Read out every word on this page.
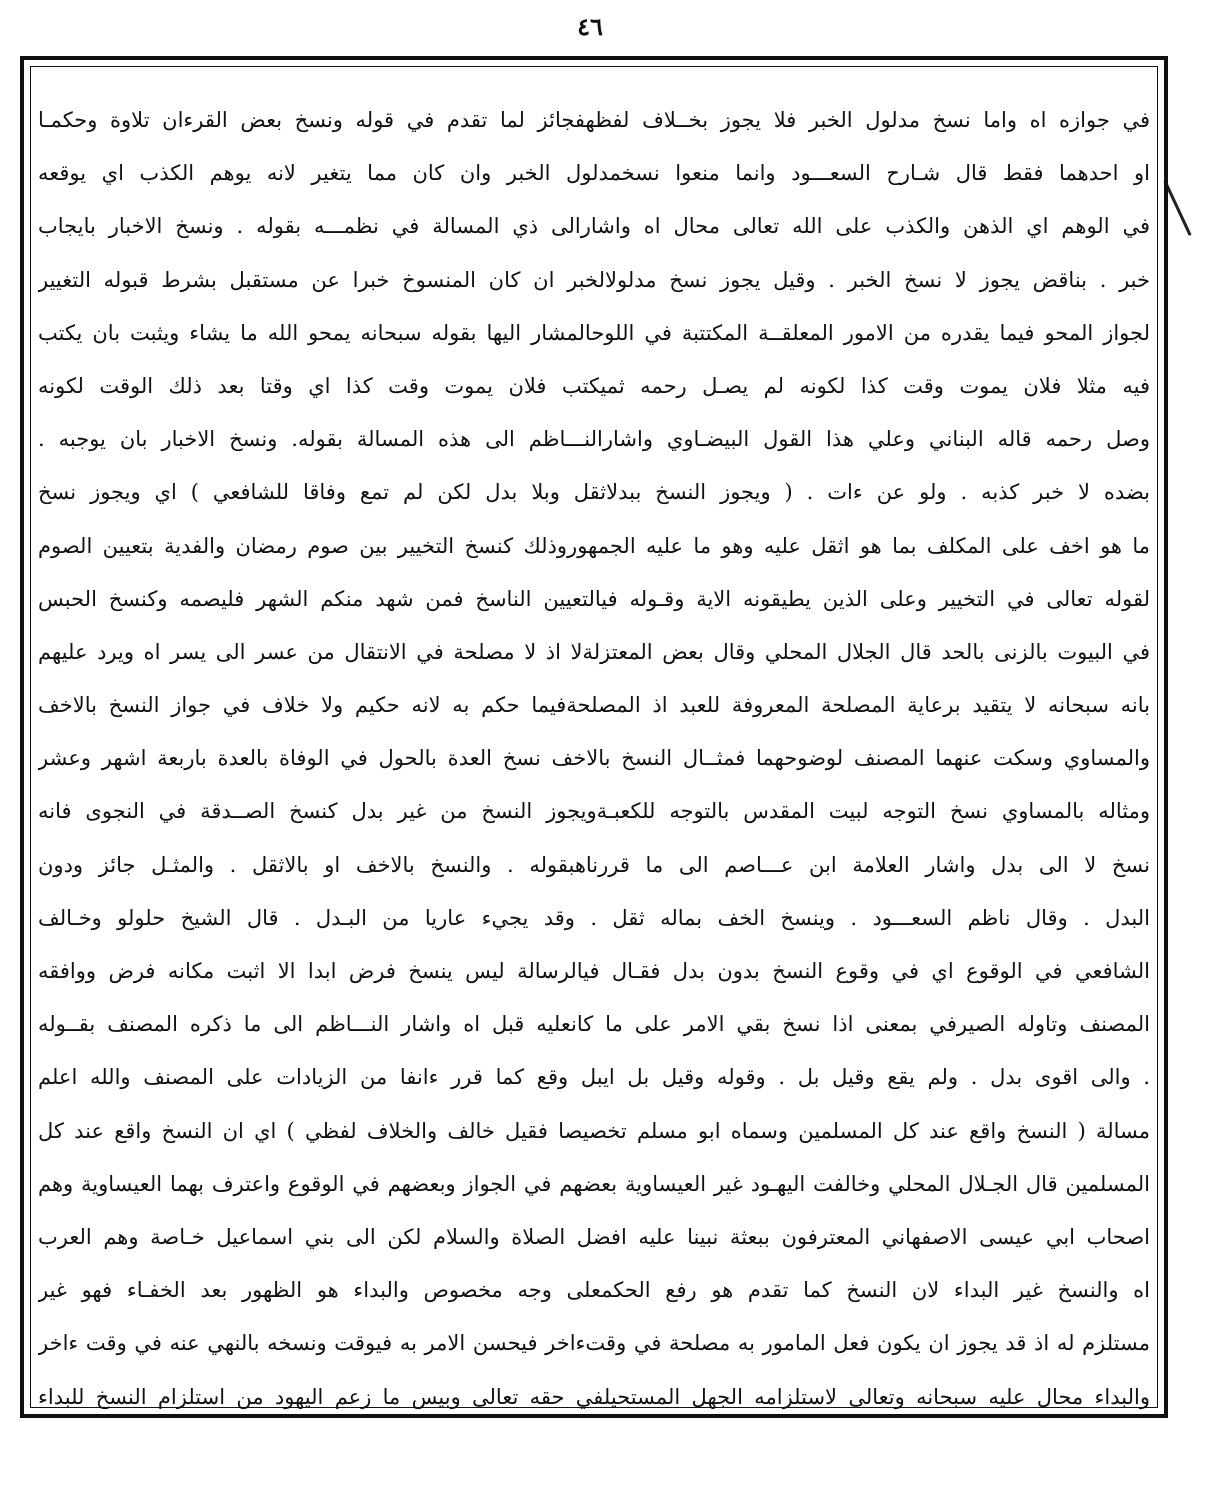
٤٦
في جوازه اه واما نسخ مدلول الخبر فلا يجوز بخــلاف لفظهفجائز لما تقدم في قوله ونسخ بعض القرءان تلاوة وحكمـا
او احدهما فقط قال شـارح السعـــود وانما منعوا نسخمدلول الخبر وان كان مما يتغير لانه يوهم الكذب اي يوقعه
في الوهم اي الذهن والكذب على الله تعالى محال اه واشارالى ذي المسالة في نظمـــه بقوله . ونسخ الاخبار بايجاب
خبر . بناقض يجوز لا نسخ الخبر . وقيل يجوز نسخ مدلولالخبر ان كان المنسوخ خبرا عن مستقبل بشرط قبوله التغيير
لجواز المحو فيما يقدره من الامور المعلقــة المكتتبة في اللوحالمشار اليها بقوله سبحانه يمحو الله ما يشاء ويثبت بان يكتب
فيه مثلا فلان يموت وقت كذا لكونه لم يصـل رحمه ثميكتب فلان يموت وقت كذا اي وقتا بعد ذلك الوقت لكونه
وصل رحمه قاله البناني وعلي هذا القول البيضـاوي واشارالنـــاظم الى هذه المسالة بقوله. ونسخ الاخبار بان يوجبه .
بضده لا خبر كذبه . ولو عن ءات . ( ويجوز النسخ ببدلاثقل وبلا بدل لكن لم تمع وفاقا للشافعي ) اي ويجوز نسخ
ما هو اخف على المكلف بما هو اثقل عليه وهو ما عليه الجمهوروذلك كنسخ التخيير بين صوم رمضان والفدية بتعيين الصوم
لقوله تعالى في التخيير وعلى الذين يطيقونه الاية وقـوله فيالتعيين الناسخ فمن شهد منكم الشهر فليصمه وكنسخ الحبس
في البيوت بالزنى بالحد قال الجلال المحلي وقال بعض المعتزلةلا اذ لا مصلحة في الانتقال من عسر الى يسر اه ويرد عليهم
بانه سبحانه لا يتقيد برعاية المصلحة المعروفة للعبد اذ المصلحةفيما حكم به لانه حكيم ولا خلاف في جواز النسخ بالاخف
والمساوي وسكت عنهما المصنف لوضوحهما فمثــال النسخ بالاخف نسخ العدة بالحول في الوفاة بالعدة باربعة اشهر وعشر
ومثاله بالمساوي نسخ التوجه لبيت المقدس بالتوجه للكعبـةويجوز النسخ من غير بدل كنسخ الصــدقة في النجوى فانه
نسخ لا الى بدل واشار العلامة ابن عـــاصم الى ما قررناهبقوله . والنسخ بالاخف او بالاثقل . والمثـل جائز ودون
البدل . وقال ناظم السعـــود . وينسخ الخف بماله ثقل . وقد يجيء عاريا من البـدل . قال الشيخ حلولو وخـالف
الشافعي في الوقوع اي في وقوع النسخ بدون بدل فقـال فيالرسالة ليس ينسخ فرض ابدا الا اثبت مكانه فرض ووافقه
المصنف وتاوله الصيرفي بمعنى اذا نسخ بقي الامر على ما كانعليه قبل اه واشار النـــاظم الى ما ذكره المصنف بقــوله
. والى اقوى بدل . ولم يقع وقيل بل . وقوله وقيل بل ايبل وقع كما قرر ءانفا من الزيادات على المصنف والله اعلم
مسالة ( النسخ واقع عند كل المسلمين وسماه ابو مسلم تخصيصا فقيل خالف والخلاف لفظي ) اي ان النسخ واقع عند كل
المسلمين قال الجـلال المحلي وخالفت اليهـود غير العيساوية بعضهم في الجواز وبعضهم في الوقوع واعترف بهما العيساوية وهم
اصحاب ابي عيسى الاصفهاني المعترفون ببعثة نبينا عليه افضل الصلاة والسلام لكن الى بني اسماعيل خـاصة وهم العرب
اه والنسخ غير البداء لان النسخ كما تقدم هو رفع الحكمعلى وجه مخصوص والبداء هو الظهور بعد الخفـاء فهو غير
مستلزم له اذ قد يجوز ان يكون فعل المامور به مصلحة في وقتءاخر فيحسن الامر به فيوقت ونسخه بالنهي عنه في وقت ءاخر
والبداء محال عليه سبحانه وتعالى لاستلزامه الجهل المستحيلفي حقه تعالى وبيس ما زعم اليهود من استلزام النسخ للبداء
